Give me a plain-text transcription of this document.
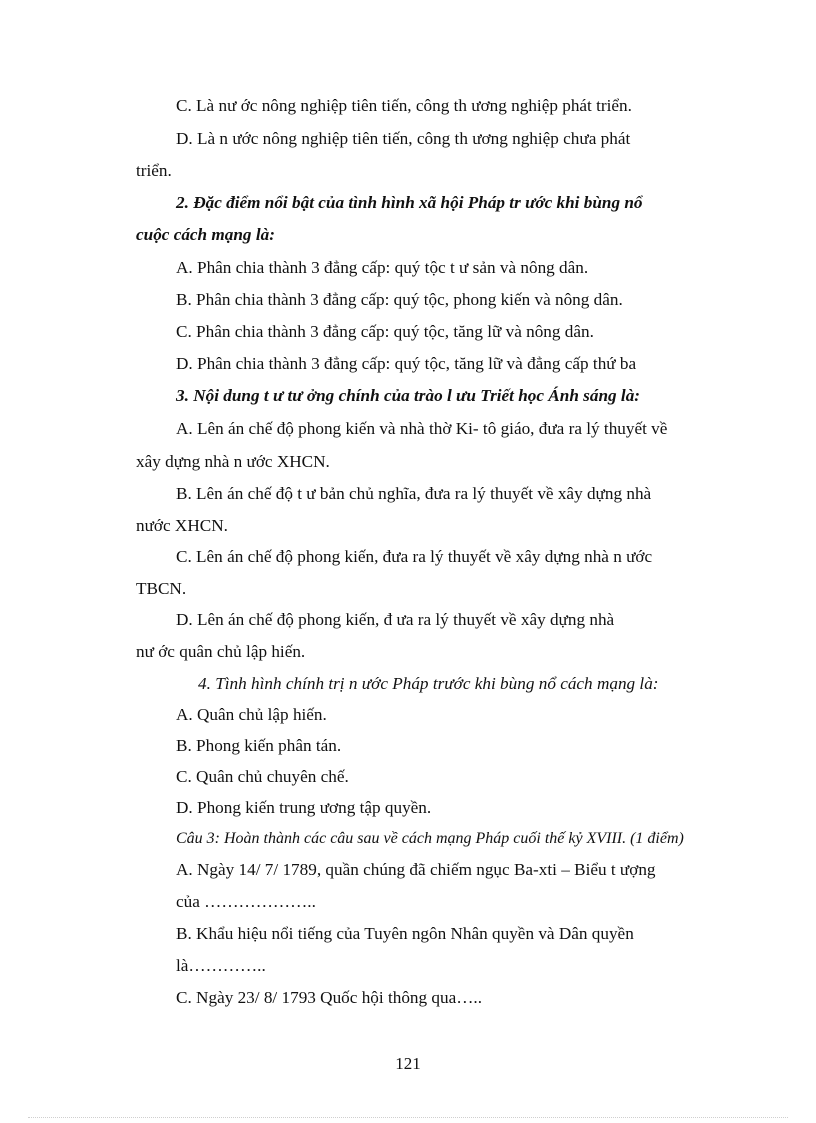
C. Là nư ớc nông nghiệp tiên tiến, công th ương nghiệp phát triển.
D. Là n ước nông nghiệp tiên tiến, công th ương nghiệp chưa phát
triển.
2. Đặc điểm nổi bật của tình hình xã hội Pháp tr ước khi bùng nổ
cuộc cách mạng là:
A. Phân chia thành 3 đẳng cấp: quý tộc t ư sản và nông dân.
B. Phân chia thành 3 đẳng cấp: quý tộc, phong kiến và nông dân.
C. Phân chia thành 3 đẳng cấp: quý tộc, tăng lữ và nông dân.
D. Phân chia thành 3 đẳng cấp: quý tộc, tăng lữ và đẳng cấp thứ ba
3. Nội dung t ư tư ởng chính của trào l ưu Triết học Ánh sáng là:
A. Lên án chế độ phong kiến và nhà thờ Ki- tô giáo, đưa ra lý thuyết về
xây dựng nhà n ước XHCN.
B. Lên án chế độ t ư bản chủ nghĩa, đưa ra lý thuyết về xây dựng nhà
nước XHCN.
C. Lên án chế độ phong kiến, đưa ra lý thuyết về xây dựng nhà n ước
TBCN.
D. Lên án chế độ phong kiến, đ ưa ra lý thuyết về xây dựng nhà
nư ớc quân chủ lập hiến.
4. Tình hình chính trị n ước Pháp trước khi bùng nổ cách mạng là:
A. Quân chủ lập hiến.
B. Phong kiến phân tán.
C. Quân chủ chuyên chế.
D. Phong kiến trung ương tập quyền.
Câu 3: Hoàn thành các câu sau về cách mạng Pháp cuối thế kỷ XVIII. (1 điểm)
A. Ngày 14/ 7/ 1789, quần chúng đã chiếm ngục Ba-xti – Biểu t ượng
của ………………..
B. Khẩu hiệu nổi tiếng của Tuyên ngôn Nhân quyền và Dân quyền
là…………..
C. Ngày 23/ 8/ 1793 Quốc hội thông qua…..
121
